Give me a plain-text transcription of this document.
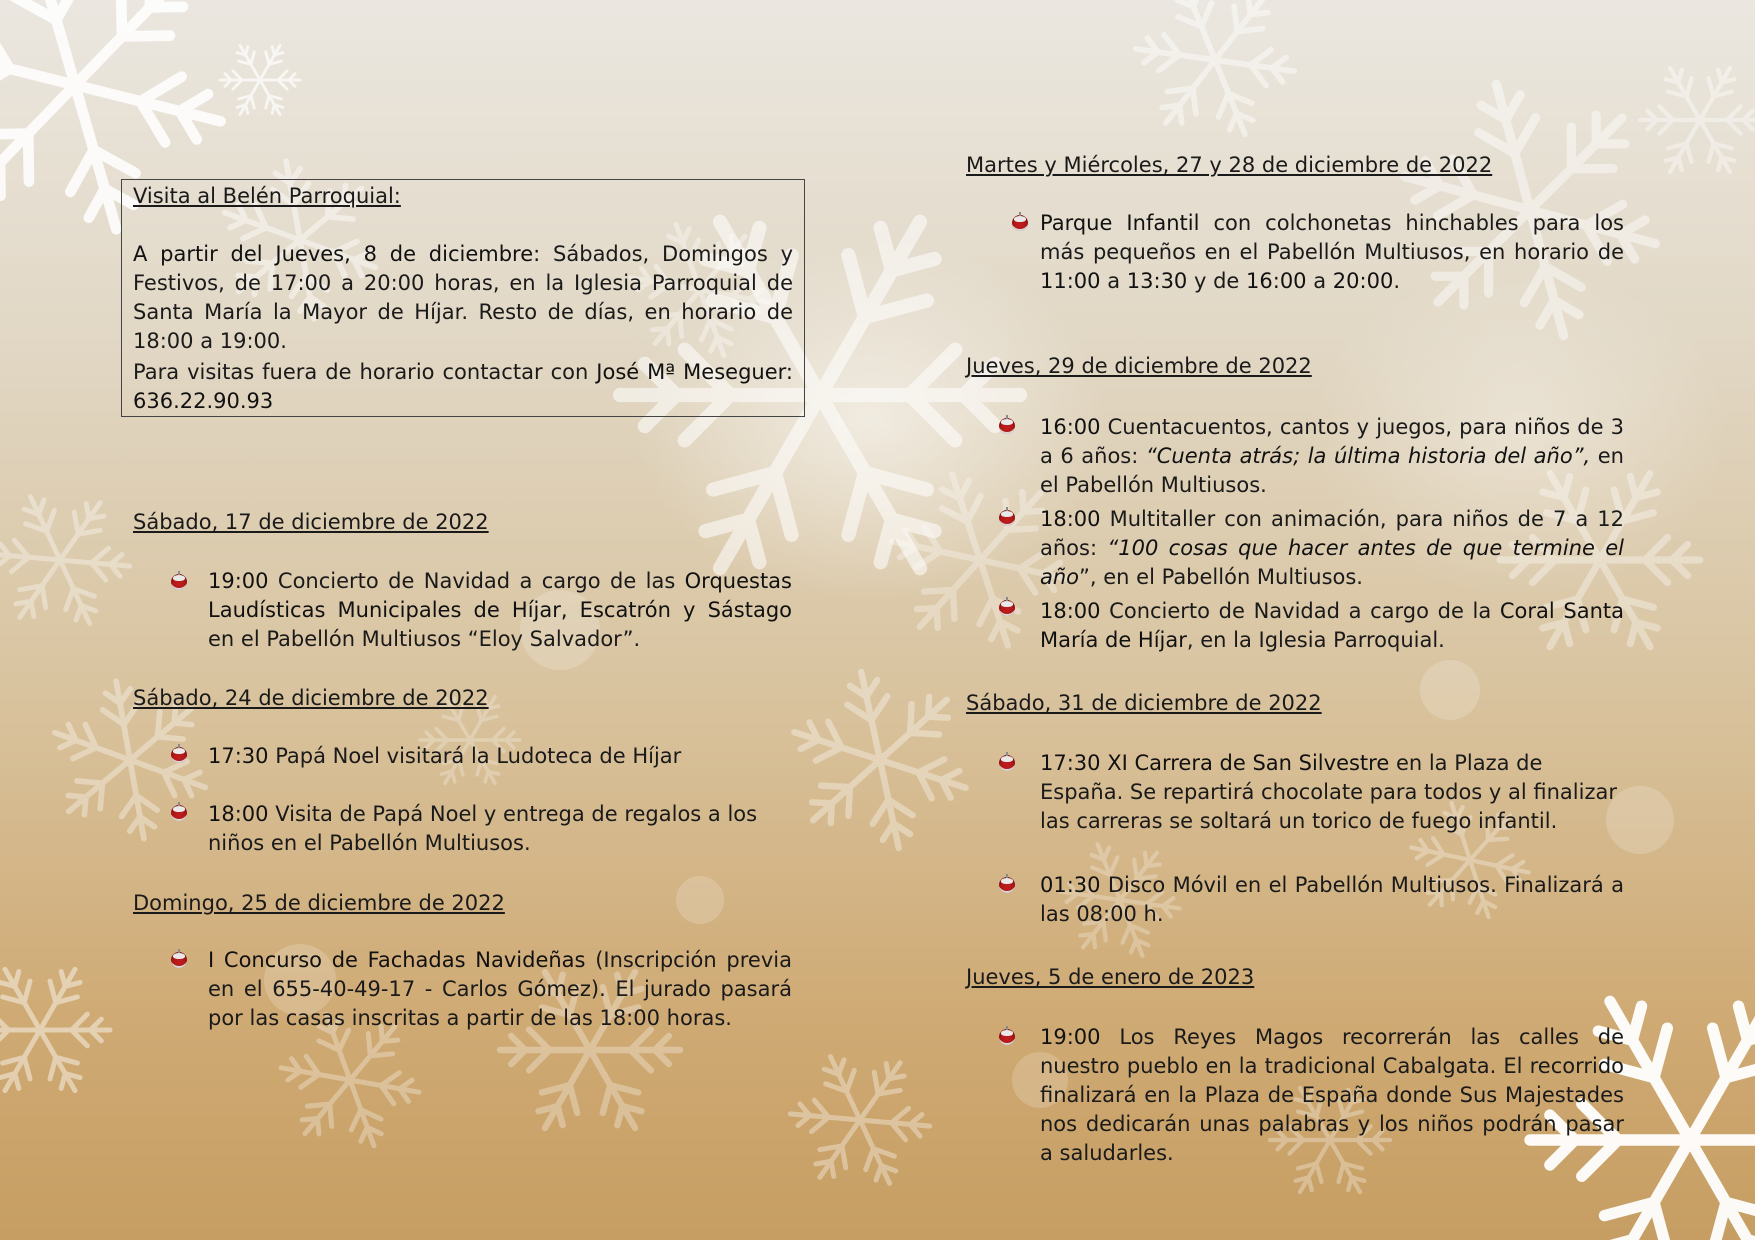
Visita al Belén Parroquial:
A partir del Jueves, 8 de diciembre: Sábados, Domingos y Festivos, de 17:00 a 20:00 horas, en la Iglesia Parroquial de Santa María la Mayor de Híjar. Resto de días, en horario de 18:00 a 19:00.
Para visitas fuera de horario contactar con José Mª Meseguer: 636.22.90.93
Sábado, 17 de diciembre de 2022
19:00 Concierto de Navidad a cargo de las Orquestas Laudísticas Municipales de Híjar, Escatrón y Sástago en el Pabellón Multiusos “Eloy Salvador”.
Sábado, 24 de diciembre de 2022
17:30 Papá Noel visitará la Ludoteca de Híjar
18:00 Visita de Papá Noel y entrega de regalos a los niños en el Pabellón Multiusos.
Domingo, 25 de diciembre de 2022
I Concurso de Fachadas Navideñas (Inscripción previa en el 655-40-49-17 - Carlos Gómez). El jurado pasará por las casas inscritas a partir de las 18:00 horas.
Martes y Miércoles, 27 y 28 de diciembre de 2022
Parque Infantil con colchonetas hinchables para los más pequeños en el Pabellón Multiusos, en horario de 11:00 a 13:30 y de 16:00 a 20:00.
Jueves, 29 de diciembre de 2022
16:00 Cuentacuentos, cantos y juegos, para niños de 3 a 6 años: “Cuenta atrás; la última historia del año”, en el Pabellón Multiusos.
18:00 Multitaller con animación, para niños de 7 a 12 años: “100 cosas que hacer antes de que termine el año”, en el Pabellón Multiusos.
18:00 Concierto de Navidad a cargo de la Coral Santa María de Híjar, en la Iglesia Parroquial.
Sábado, 31 de diciembre de 2022
17:30 XI Carrera de San Silvestre en la Plaza de España. Se repartirá chocolate para todos y al finalizar las carreras se soltará un torico de fuego infantil.
01:30 Disco Móvil en el Pabellón Multiusos. Finalizará a las 08:00 h.
Jueves, 5 de enero de 2023
19:00 Los Reyes Magos recorrerán las calles de nuestro pueblo en la tradicional Cabalgata. El recorrido finalizará en la Plaza de España donde Sus Majestades nos dedicarán unas palabras y los niños podrán pasar a saludarles.
